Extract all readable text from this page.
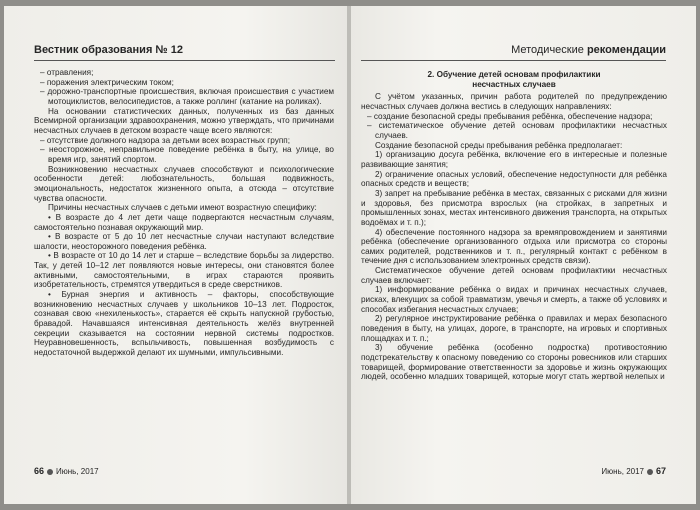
Вестник образования № 12

– отравления;

– поражения электрическим током;

– дорожно-транспортные происшествия, включая происшествия с участием мотоциклистов, велосипедистов, а также роллинг (катание на роликах).

На основании статистических данных, полученных из баз данных Всемирной организации здравоохранения, можно утверждать, что причинами несчастных случаев в детском возрасте чаще всего являются:

– отсутствие должного надзора за детьми всех возрастных групп;

– неосторожное, неправильное поведение ребёнка в быту, на улице, во время игр, занятий спортом.

Возникновению несчастных случаев способствуют и психологические особенности детей: любознательность, большая подвижность, эмоциональность, недостаток жизненного опыта, а отсюда – отсутствие чувства опасности.

Причины несчастных случаев с детьми имеют возрастную специфику:

• В возрасте до 4 лет дети чаще подвергаются несчастным случаям, самостоятельно познавая окружающий мир.

• В возрасте от 5 до 10 лет несчастные случаи наступают вследствие шалости, неосторожного поведения ребёнка.

• В возрасте от 10 до 14 лет и старше – вследствие борьбы за лидерство. Так, у детей 10–12 лет появляются новые интересы, они становятся более активными, самостоятельными, в играх стараются проявить изобретательность, стремятся утвердиться в среде сверстников.

• Бурная энергия и активность – факторы, способствующие возникновению несчастных случаев у школьников 10–13 лет. Подросток, сознавая свою «нехиленькость», старается её скрыть напускной грубостью, бравадой. Начавшаяся интенсивная деятельность желёз внутренней секреции сказывается на состоянии нервной системы подростков. Неуравновешенность, вспыльчивость, повышенная возбудимость с недостаточной выдержкой делают их шумными, импульсивными.

66 Июнь, 2017
Методические рекомендации

2. Обучение детей основам профилактики
несчастных случаев

С учётом указанных, причин работа родителей по предупреждению несчастных случаев должна вестись в следующих направлениях:

– создание безопасной среды пребывания ребёнка, обеспечение надзора;

– систематическое обучение детей основам профилактики несчастных случаев.

Создание безопасной среды пребывания ребёнка предполагает:

1) организацию досуга ребёнка, включение его в интересные и полезные развивающие занятия;

2) ограничение опасных условий, обеспечение недоступности для ребёнка опасных средств и веществ;

3) запрет на пребывание ребёнка в местах, связанных с рисками для жизни и здоровья, без присмотра взрослых (на стройках, в запретных и промышленных зонах, местах интенсивного движения транспорта, на открытых водоёмах и т. п.);

4) обеспечение постоянного надзора за времяпровождением и занятиями ребёнка (обеспечение организованного отдыха или присмотра со стороны самих родителей, родственников и т. п., регулярный контакт с ребёнком в течение дня с использованием электронных средств связи).

Систематическое обучение детей основам профилактики несчастных случаев включает:

1) информирование ребёнка о видах и причинах несчастных случаев, рисках, влекущих за собой травматизм, увечья и смерть, а также об условиях и способах избегания несчастных случаев;

2) регулярное инструктирование ребёнка о правилах и мерах безопасного поведения в быту, на улицах, дороге, в транспорте, на игровых и спортивных площадках и т. п.;

3) обучение ребёнка (особенно подростка) противостоянию подстрекательству к опасному поведению со стороны ровесников или старших товарищей, формирование ответственности за здоровье и жизнь окружающих людей, особенно младших товарищей, которые могут стать жертвой нелепых и

Июнь, 2017 67
